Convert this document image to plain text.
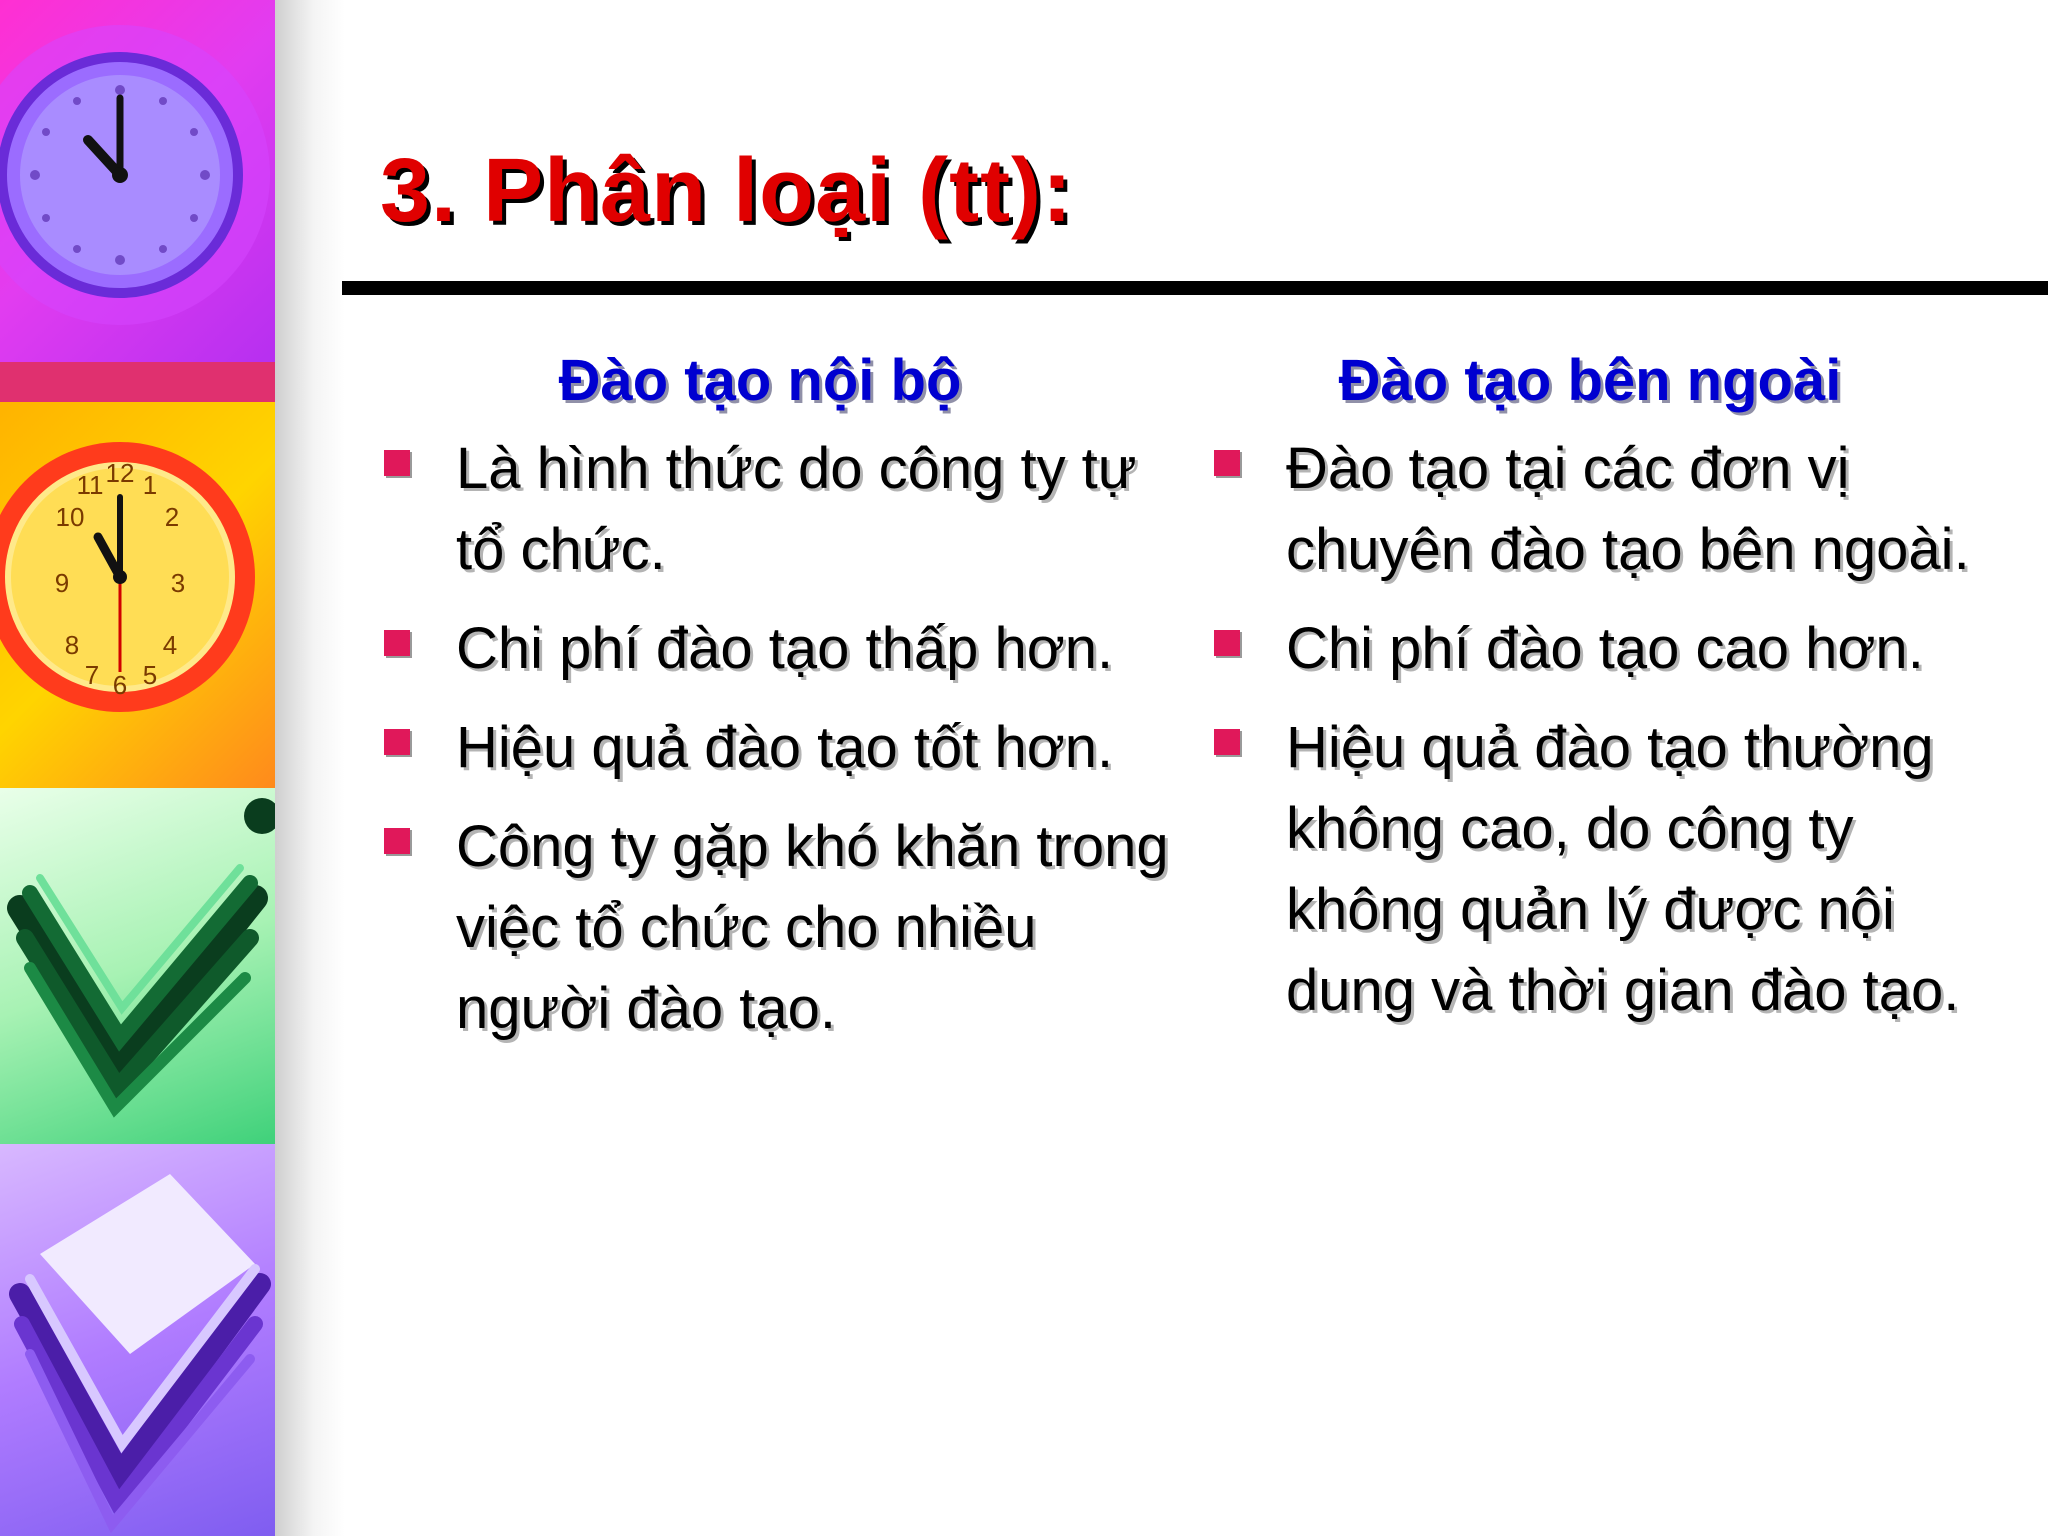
12
3
6
9
1
2
4
5
7
8
10
11
3. Phân loại (tt):
Đào tạo nội bộ
Là hình thức do công ty tự tổ chức.
Chi phí đào tạo thấp hơn.
Hiệu quả đào tạo tốt hơn.
Công ty gặp khó khăn trong việc tổ chức cho nhiều người đào tạo.
Đào tạo bên ngoài
Đào tạo tại các đơn vị chuyên đào tạo bên ngoài.
Chi phí đào tạo cao hơn.
Hiệu quả đào tạo thường không cao, do công ty không quản lý được nội dung và thời gian đào tạo.
